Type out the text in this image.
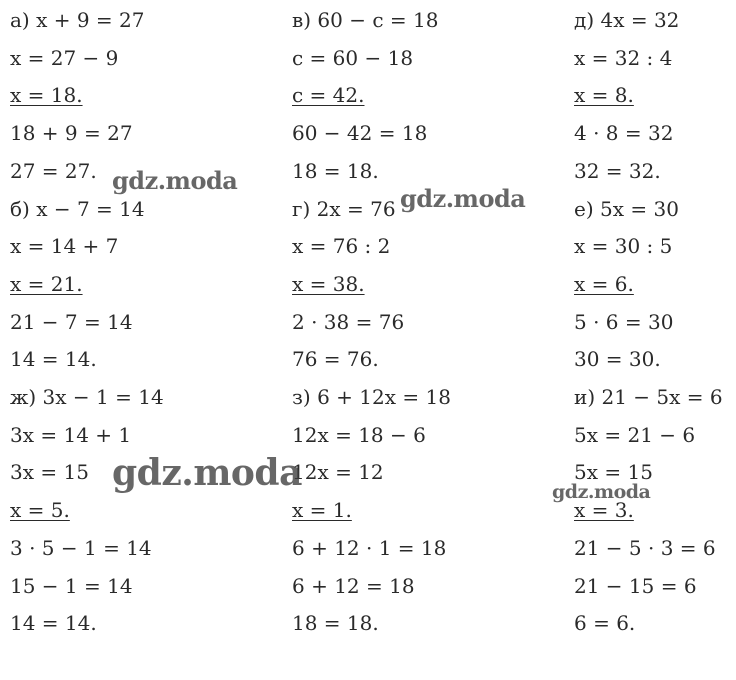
а) x + 9 = 27
x = 27 − 9
x = 18.
18 + 9 = 27
27 = 27.
б) x − 7 = 14
x = 14 + 7
x = 21.
21 − 7 = 14
14 = 14.
ж) 3x − 1 = 14
3x = 14 + 1
3x = 15
x = 5.
3 · 5 − 1 = 14
15 − 1 = 14
14 = 14.
в) 60 − c = 18
c = 60 − 18
c = 42.
60 − 42 = 18
18 = 18.
г) 2x = 76
x = 76 : 2
x = 38.
2 · 38 = 76
76 = 76.
з) 6 + 12x = 18
12x = 18 − 6
12x = 12
x = 1.
6 + 12 · 1 = 18
6 + 12 = 18
18 = 18.
д) 4x = 32
x = 32 : 4
x = 8.
4 · 8 = 32
32 = 32.
е) 5x = 30
x = 30 : 5
x = 6.
5 · 6 = 30
30 = 30.
и) 21 − 5x = 6
5x = 21 − 6
5x = 15
x = 3.
21 − 5 · 3 = 6
21 − 15 = 6
6 = 6.
gdz.moda
gdz.moda
gdz.moda	gdz.moda
